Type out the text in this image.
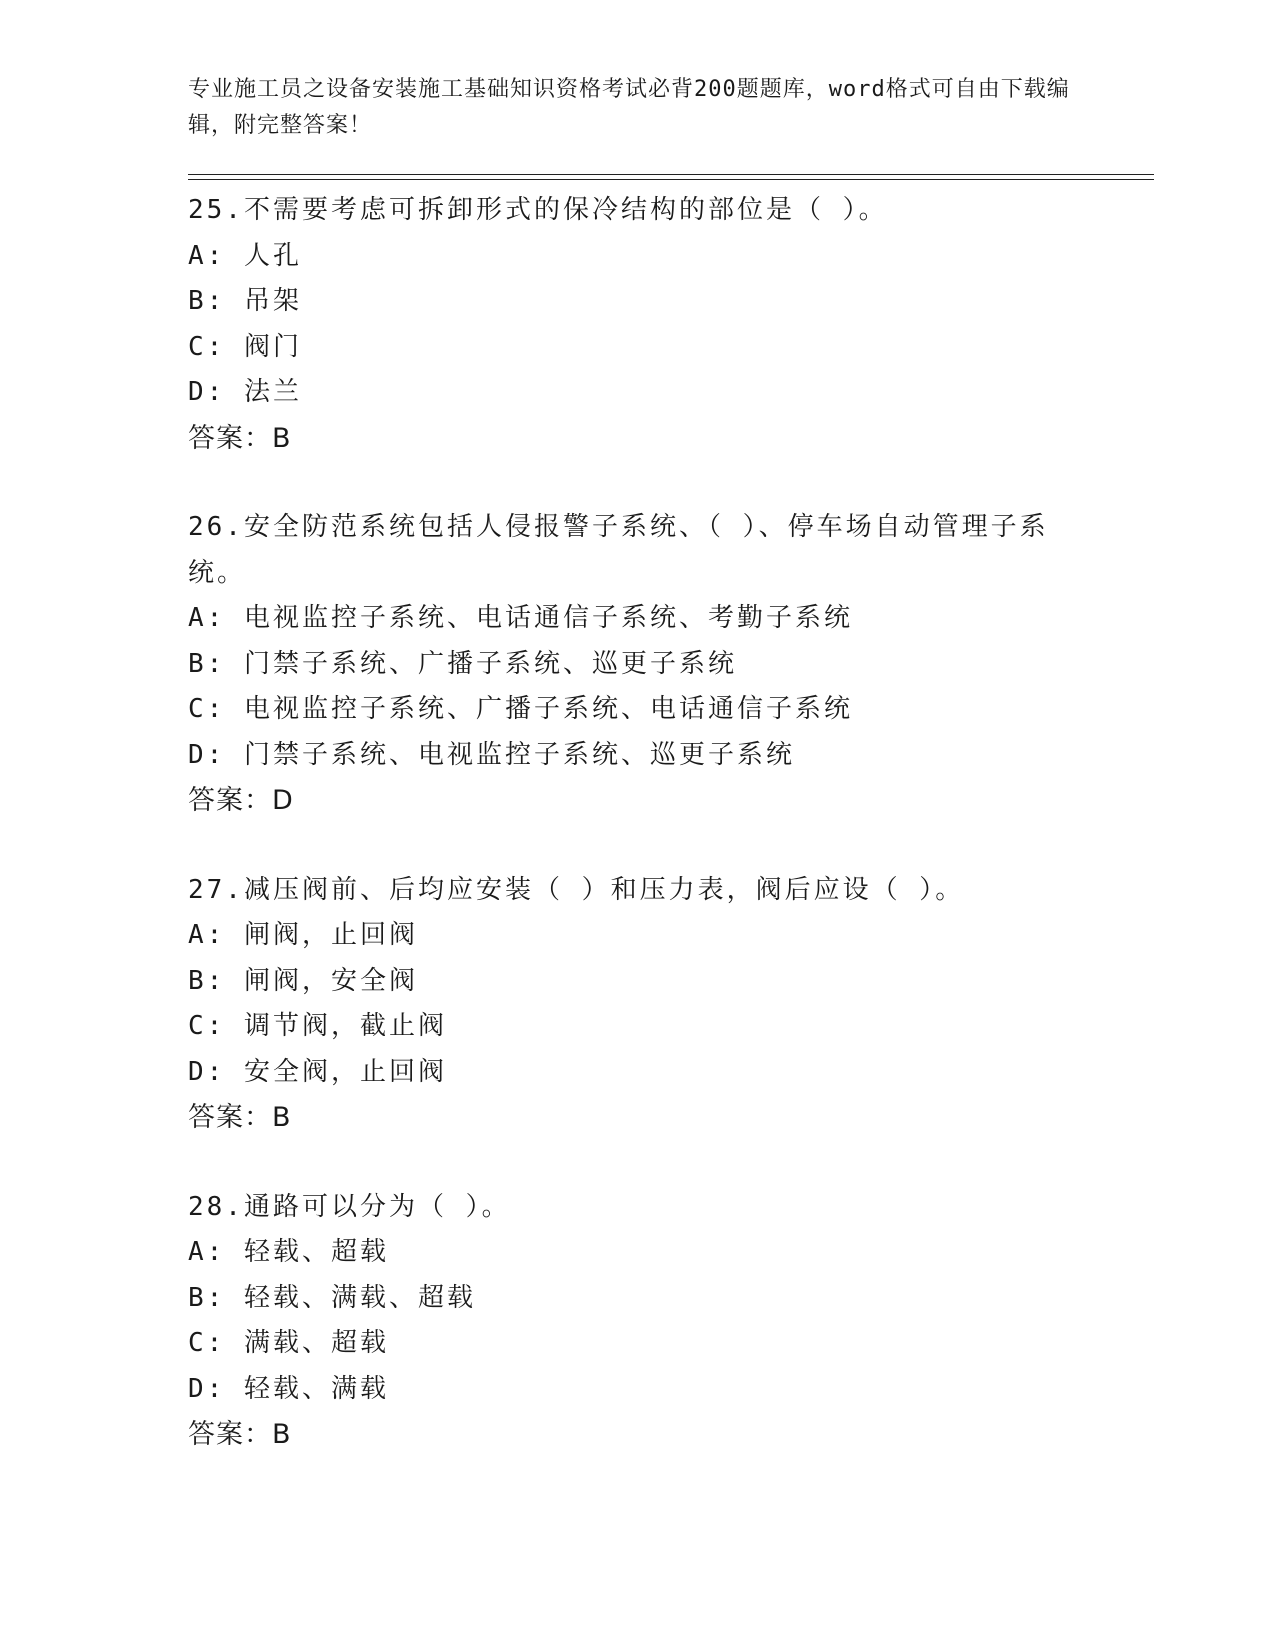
专业施工员之设备安装施工基础知识资格考试必背200题题库，word格式可自由下载编辑，附完整答案！

25.不需要考虑可拆卸形式的保冷结构的部位是（ ）。

A: 人孔

B: 吊架

C: 阀门

D: 法兰

答案：B

26.安全防范系统包括人侵报警子系统、（ ）、停车场自动管理子系统。

A: 电视监控子系统、电话通信子系统、考勤子系统

B: 门禁子系统、广播子系统、巡更子系统

C: 电视监控子系统、广播子系统、电话通信子系统

D: 门禁子系统、电视监控子系统、巡更子系统

答案：D

27.减压阀前、后均应安装（ ）和压力表，阀后应设（ ）。

A: 闸阀，止回阀

B: 闸阀，安全阀

C: 调节阀，截止阀

D: 安全阀，止回阀

答案：B

28.通路可以分为（ ）。

A: 轻载、超载

B: 轻载、满载、超载

C: 满载、超载

D: 轻载、满载

答案：B
